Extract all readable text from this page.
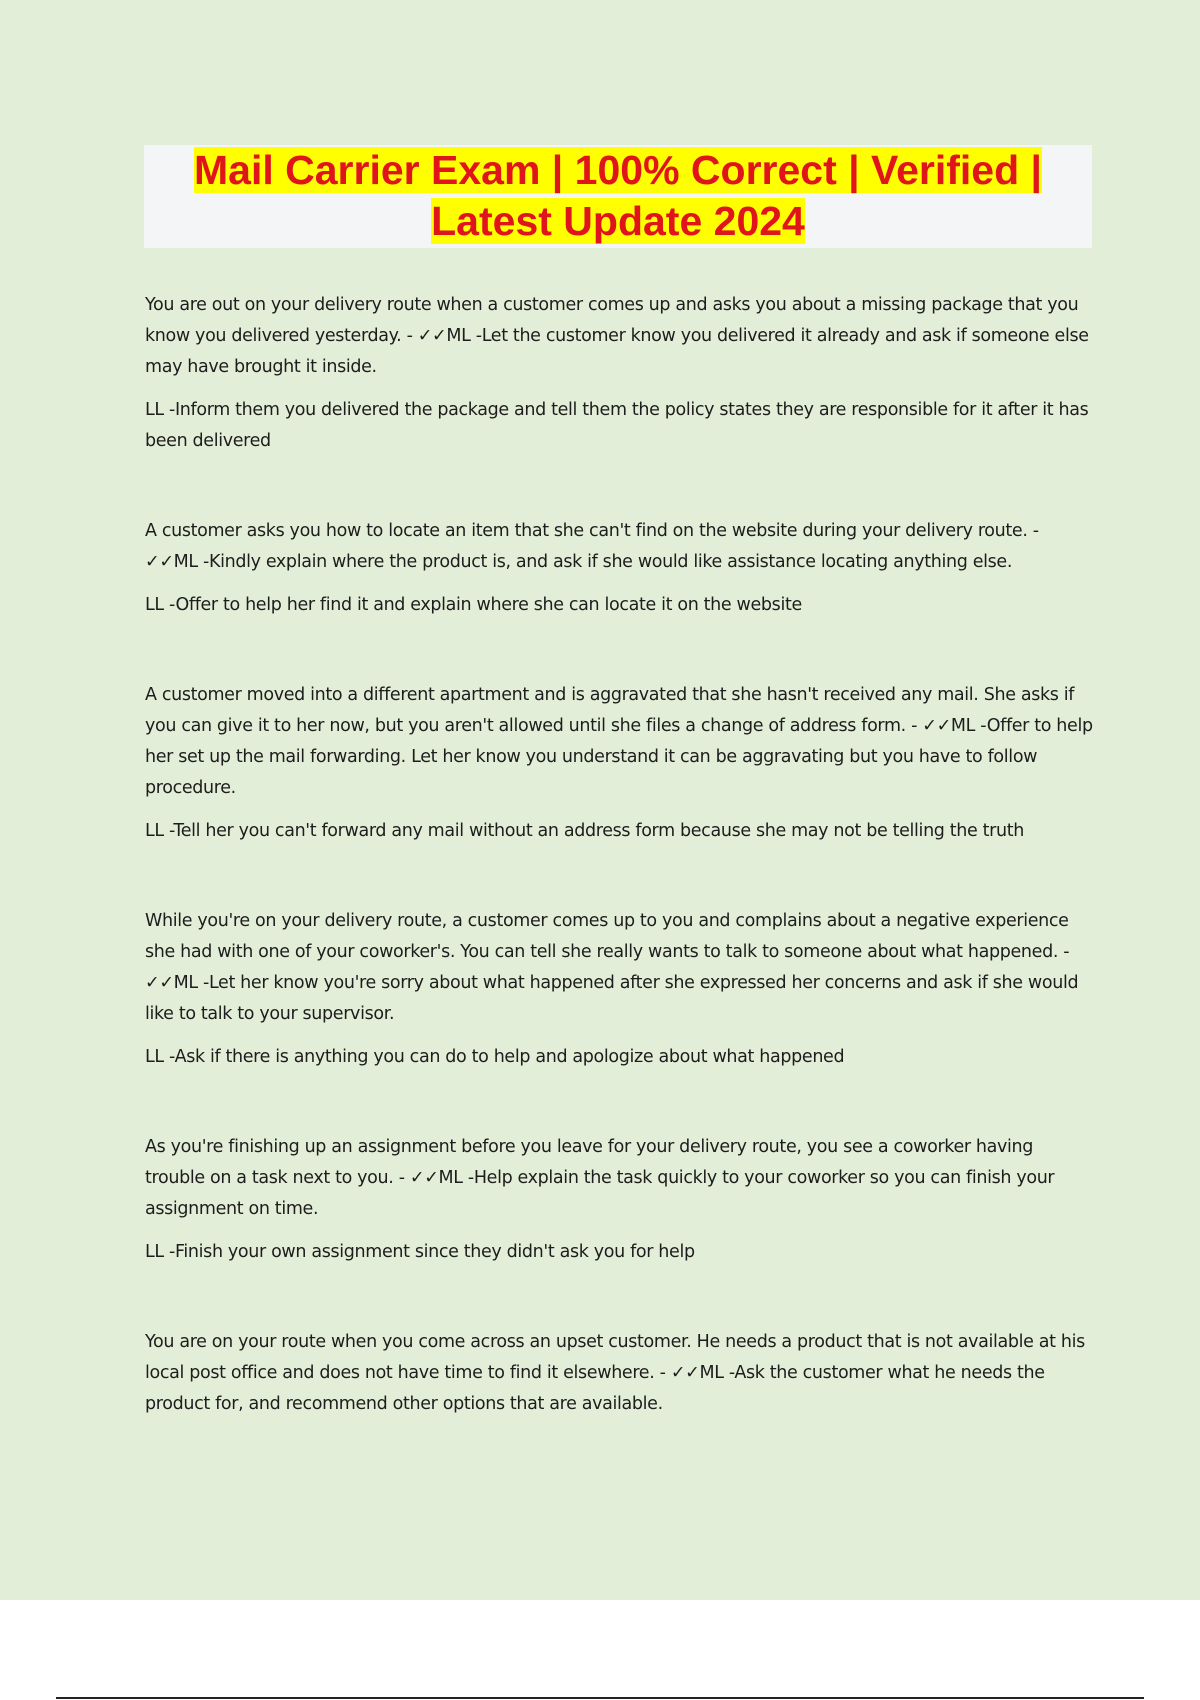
Mail Carrier Exam | 100% Correct | Verified |
Latest Update 2024

You are out on your delivery route when a customer comes up and asks you about a missing package that you know you delivered yesterday. - ✓✓ML -Let the customer know you delivered it already and ask if someone else may have brought it inside.

LL -Inform them you delivered the package and tell them the policy states they are responsible for it after it has been delivered

A customer asks you how to locate an item that she can't find on the website during your delivery route. - ✓✓ML -Kindly explain where the product is, and ask if she would like assistance locating anything else.

LL -Offer to help her find it and explain where she can locate it on the website

A customer moved into a different apartment and is aggravated that she hasn't received any mail. She asks if you can give it to her now, but you aren't allowed until she files a change of address form. - ✓✓ML -Offer to help her set up the mail forwarding. Let her know you understand it can be aggravating but you have to follow procedure.

LL -Tell her you can't forward any mail without an address form because she may not be telling the truth

While you're on your delivery route, a customer comes up to you and complains about a negative experience she had with one of your coworker's. You can tell she really wants to talk to someone about what happened. - ✓✓ML -Let her know you're sorry about what happened after she expressed her concerns and ask if she would like to talk to your supervisor.

LL -Ask if there is anything you can do to help and apologize about what happened

As you're finishing up an assignment before you leave for your delivery route, you see a coworker having trouble on a task next to you. - ✓✓ML -Help explain the task quickly to your coworker so you can finish your assignment on time.

LL -Finish your own assignment since they didn't ask you for help

You are on your route when you come across an upset customer. He needs a product that is not available at his local post office and does not have time to find it elsewhere. - ✓✓ML -Ask the customer what he needs the product for, and recommend other options that are available.
